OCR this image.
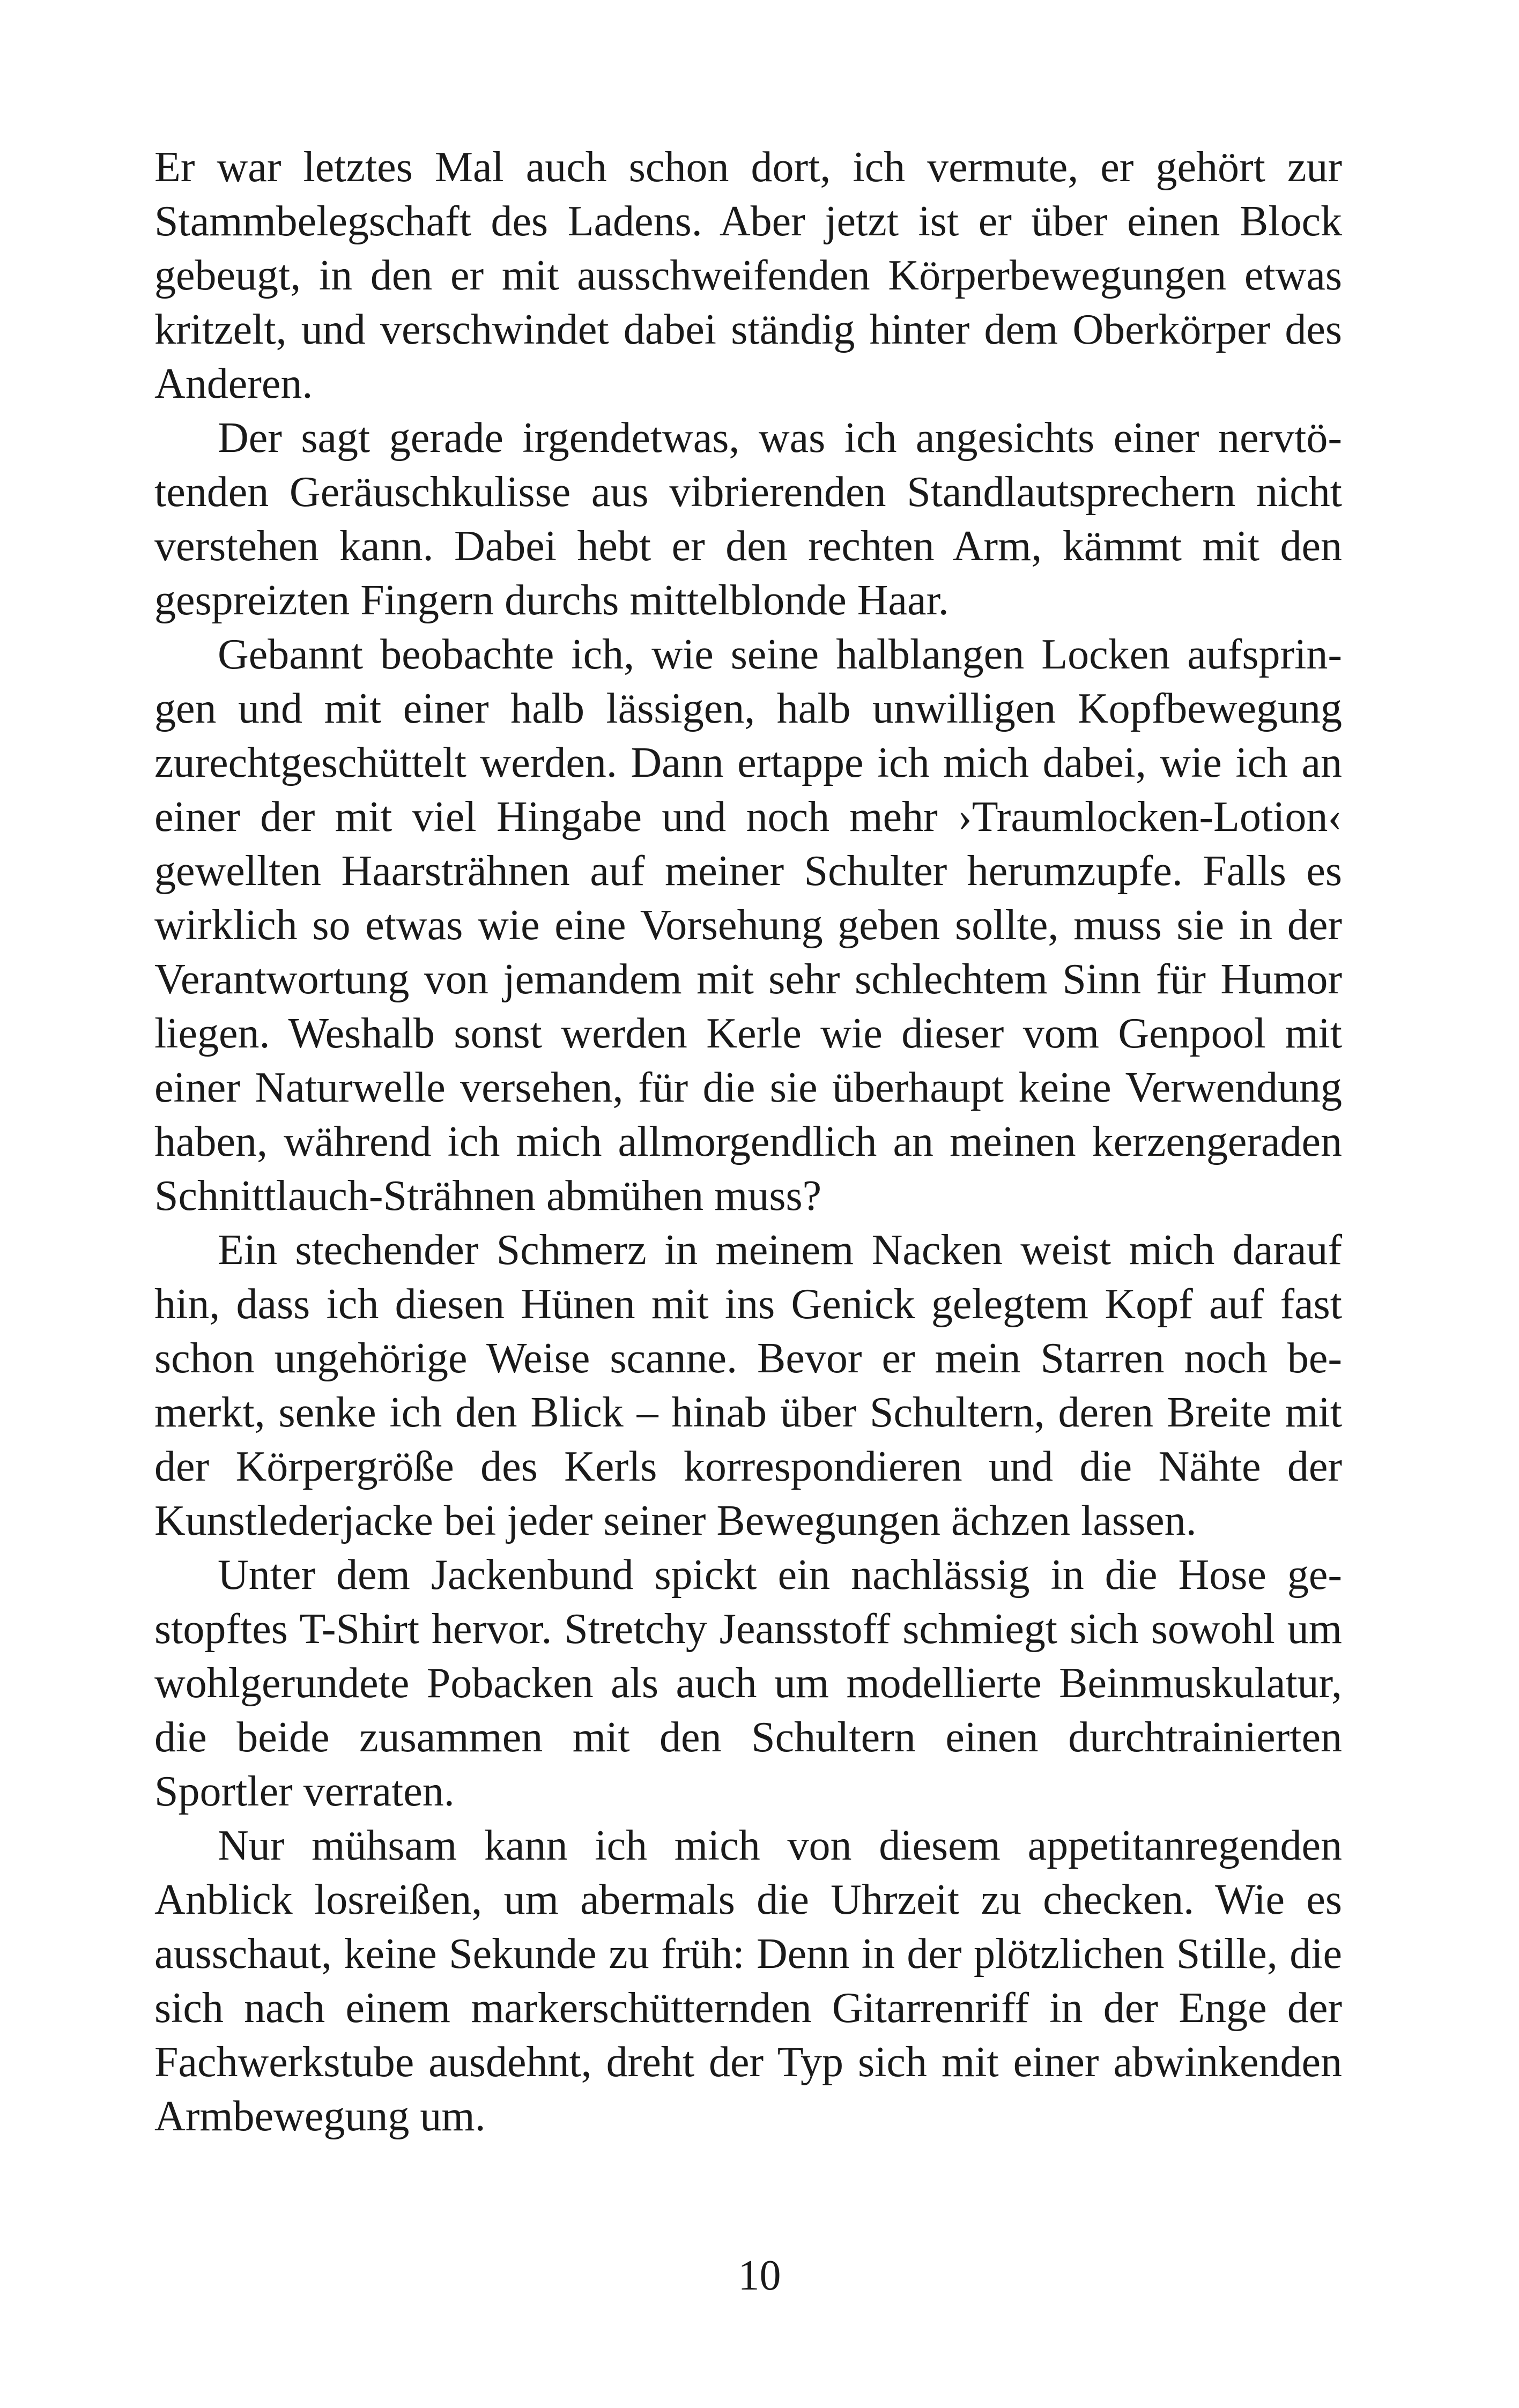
Er war letztes Mal auch schon dort, ich vermute, er gehört zur Stammbelegschaft des Ladens. Aber jetzt ist er über einen Block gebeugt, in den er mit ausschweifenden Körperbewegungen etwas kritzelt, und verschwindet dabei ständig hinter dem Oberkörper des Anderen.

Der sagt gerade irgendetwas, was ich angesichts einer nervtötenden Geräuschkulisse aus vibrierenden Standlautsprechern nicht verstehen kann. Dabei hebt er den rechten Arm, kämmt mit den gespreizten Fingern durchs mittelblonde Haar.

Gebannt beobachte ich, wie seine halblangen Locken aufspringen und mit einer halb lässigen, halb unwilligen Kopfbewegung zurechtgeschüttelt werden. Dann ertappe ich mich dabei, wie ich an einer der mit viel Hingabe und noch mehr ›Traumlocken-Lotion‹ gewellten Haarsträhnen auf meiner Schulter herumzupfe. Falls es wirklich so etwas wie eine Vorsehung geben sollte, muss sie in der Verantwortung von jemandem mit sehr schlechtem Sinn für Humor liegen. Weshalb sonst werden Kerle wie dieser vom Genpool mit einer Naturwelle versehen, für die sie überhaupt keine Verwendung haben, während ich mich allmorgendlich an meinen kerzengeraden Schnittlauch-Strähnen abmühen muss?

Ein stechender Schmerz in meinem Nacken weist mich darauf hin, dass ich diesen Hünen mit ins Genick gelegtem Kopf auf fast schon ungehörige Weise scanne. Bevor er mein Starren noch bemerkt, senke ich den Blick – hinab über Schultern, deren Breite mit der Körpergröße des Kerls korrespondieren und die Nähte der Kunstlederjacke bei jeder seiner Bewegungen ächzen lassen.

Unter dem Jackenbund spickt ein nachlässig in die Hose gestopftes T-Shirt hervor. Stretchy Jeansstoff schmiegt sich sowohl um wohlgerundete Pobacken als auch um modellierte Beinmuskulatur, die beide zusammen mit den Schultern einen durchtrainierten Sportler verraten.

Nur mühsam kann ich mich von diesem appetitanregenden Anblick losreißen, um abermals die Uhrzeit zu checken. Wie es ausschaut, keine Sekunde zu früh: Denn in der plötzlichen Stille, die sich nach einem markerschütternden Gitarrenriff in der Enge der Fachwerkstube ausdehnt, dreht der Typ sich mit einer abwinkenden Armbewegung um.

10
